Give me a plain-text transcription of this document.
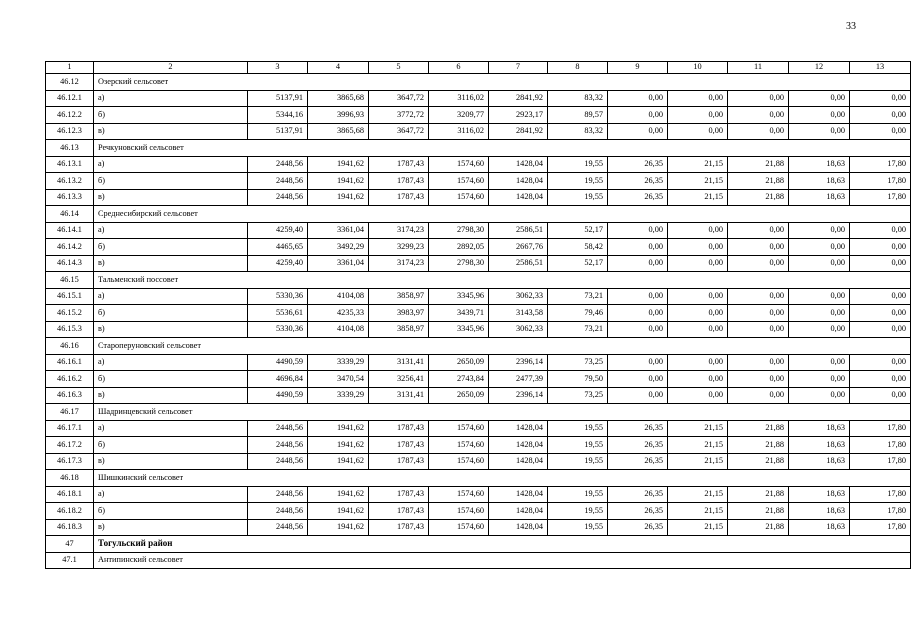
33
1	2	3	4	5	6	7	8	9	10	11	12	13
46.12	Озерский сельсовет											
46.12.1	а)	5137,91	3865,68	3647,72	3116,02	2841,92	83,32	0,00	0,00	0,00	0,00	0,00
46.12.2	б)	5344,16	3996,93	3772,72	3209,77	2923,17	89,57	0,00	0,00	0,00	0,00	0,00
46.12.3	в)	5137,91	3865,68	3647,72	3116,02	2841,92	83,32	0,00	0,00	0,00	0,00	0,00
46.13	Речкуновский сельсовет											
46.13.1	а)	2448,56	1941,62	1787,43	1574,60	1428,04	19,55	26,35	21,15	21,88	18,63	17,80
46.13.2	б)	2448,56	1941,62	1787,43	1574,60	1428,04	19,55	26,35	21,15	21,88	18,63	17,80
46.13.3	в)	2448,56	1941,62	1787,43	1574,60	1428,04	19,55	26,35	21,15	21,88	18,63	17,80
46.14	Среднесибирский сельсовет											
46.14.1	а)	4259,40	3361,04	3174,23	2798,30	2586,51	52,17	0,00	0,00	0,00	0,00	0,00
46.14.2	б)	4465,65	3492,29	3299,23	2892,05	2667,76	58,42	0,00	0,00	0,00	0,00	0,00
46.14.3	в)	4259,40	3361,04	3174,23	2798,30	2586,51	52,17	0,00	0,00	0,00	0,00	0,00
46.15	Тальменский поссовет											
46.15.1	а)	5330,36	4104,08	3858,97	3345,96	3062,33	73,21	0,00	0,00	0,00	0,00	0,00
46.15.2	б)	5536,61	4235,33	3983,97	3439,71	3143,58	79,46	0,00	0,00	0,00	0,00	0,00
46.15.3	в)	5330,36	4104,08	3858,97	3345,96	3062,33	73,21	0,00	0,00	0,00	0,00	0,00
46.16	Староперуновский сельсовет											
46.16.1	а)	4490,59	3339,29	3131,41	2650,09	2396,14	73,25	0,00	0,00	0,00	0,00	0,00
46.16.2	б)	4696,84	3470,54	3256,41	2743,84	2477,39	79,50	0,00	0,00	0,00	0,00	0,00
46.16.3	в)	4490,59	3339,29	3131,41	2650,09	2396,14	73,25	0,00	0,00	0,00	0,00	0,00
46.17	Шадринцевский сельсовет											
46.17.1	а)	2448,56	1941,62	1787,43	1574,60	1428,04	19,55	26,35	21,15	21,88	18,63	17,80
46.17.2	б)	2448,56	1941,62	1787,43	1574,60	1428,04	19,55	26,35	21,15	21,88	18,63	17,80
46.17.3	в)	2448,56	1941,62	1787,43	1574,60	1428,04	19,55	26,35	21,15	21,88	18,63	17,80
46.18	Шишкинский сельсовет											
46.18.1	а)	2448,56	1941,62	1787,43	1574,60	1428,04	19,55	26,35	21,15	21,88	18,63	17,80
46.18.2	б)	2448,56	1941,62	1787,43	1574,60	1428,04	19,55	26,35	21,15	21,88	18,63	17,80
46.18.3	в)	2448,56	1941,62	1787,43	1574,60	1428,04	19,55	26,35	21,15	21,88	18,63	17,80
47	Тогульский район											
47.1	Антипинский сельсовет											
